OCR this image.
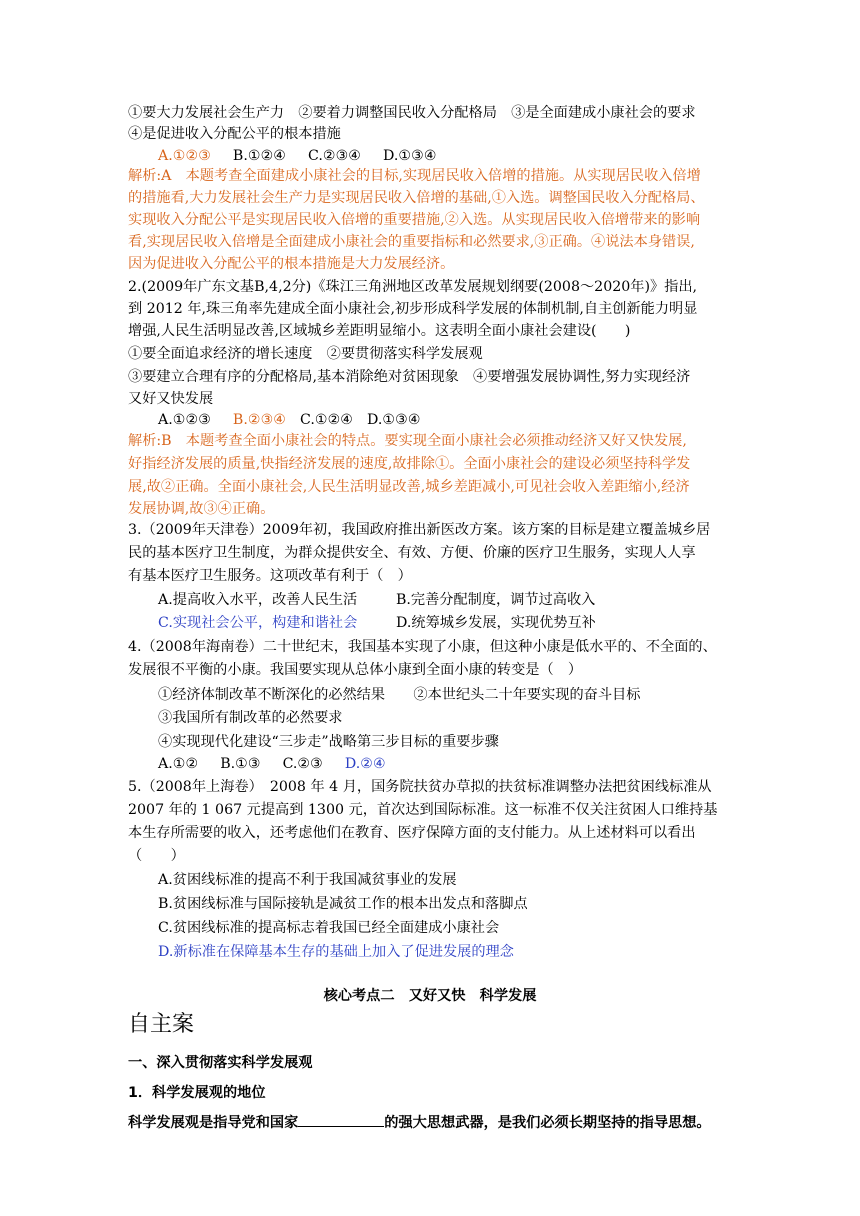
①要大力发展社会生产力　②要着力调整国民收入分配格局　③是全面建成小康社会的要求
④是促进收入分配公平的根本措施
A.①②③ B.①②④ C.②③④ D.①③④
解析:A　本题考查全面建成小康社会的目标,实现居民收入倍增的措施。从实现居民收入倍增
的措施看,大力发展社会生产力是实现居民收入倍增的基础,①入选。调整国民收入分配格局、
实现收入分配公平是实现居民收入倍增的重要措施,②入选。从实现居民收入倍增带来的影响
看,实现居民收入倍增是全面建成小康社会的重要指标和必然要求,③正确。④说法本身错误,
因为促进收入分配公平的根本措施是大力发展经济。
2.(2009年广东文基B,4,2分)《珠江三角洲地区改革发展规划纲要(2008～2020年)》指出,
到 2012 年,珠三角率先建成全面小康社会,初步形成科学发展的体制机制,自主创新能力明显
增强,人民生活明显改善,区域城乡差距明显缩小。这表明全面小康社会建设(　　)
①要全面追求经济的增长速度　②要贯彻落实科学发展观
③要建立合理有序的分配格局,基本消除绝对贫困现象　④要增强发展协调性,努力实现经济
又好又快发展
A.①②③ B.②③④ C.①②④ D.①③④
解析:B　本题考查全面小康社会的特点。要实现全面小康社会必须推动经济又好又快发展,
好指经济发展的质量,快指经济发展的速度,故排除①。全面小康社会的建设必须坚持科学发
展,故②正确。全面小康社会,人民生活明显改善,城乡差距减小,可见社会收入差距缩小,经济
发展协调,故③④正确。
3.（2009年天津卷）2009年初，我国政府推出新医改方案。该方案的目标是建立覆盖城乡居
民的基本医疗卫生制度，为群众提供安全、有效、方便、价廉的医疗卫生服务，实现人人享
有基本医疗卫生服务。这项改革有利于（　）
A.提高收入水平，改善人民生活	B.完善分配制度，调节过高收入
C.实现社会公平，构建和谐社会	D.统筹城乡发展，实现优势互补
4.（2008年海南卷）二十世纪末，我国基本实现了小康，但这种小康是低水平的、不全面的、
发展很不平衡的小康。我国要实现从总体小康到全面小康的转变是（　）
①经济体制改革不断深化的必然结果　　②本世纪头二十年要实现的奋斗目标
③我国所有制改革的必然要求
④实现现代化建设“三步走”战略第三步目标的重要步骤
A.①② B.①③ C.②③ D.②④
5.（2008年上海卷）　2008 年 4 月，国务院扶贫办草拟的扶贫标准调整办法把贫困线标准从
2007 年的 1 067 元提高到 1300 元，首次达到国际标准。这一标准不仅关注贫困人口维持基
本生存所需要的收入，还考虑他们在教育、医疗保障方面的支付能力。从上述材料可以看出
（　　）
A.贫困线标准的提高不利于我国减贫事业的发展
B.贫困线标准与国际接轨是减贫工作的根本出发点和落脚点
C.贫困线标准的提高标志着我国已经全面建成小康社会
D.新标准在保障基本生存的基础上加入了促进发展的理念
核心考点二　又好又快　科学发展
自主案
一、深入贯彻落实科学发展观
1．科学发展观的地位
科学发展观是指导党和国家	的强大思想武器，是我们必须长期坚持的指导思想。
